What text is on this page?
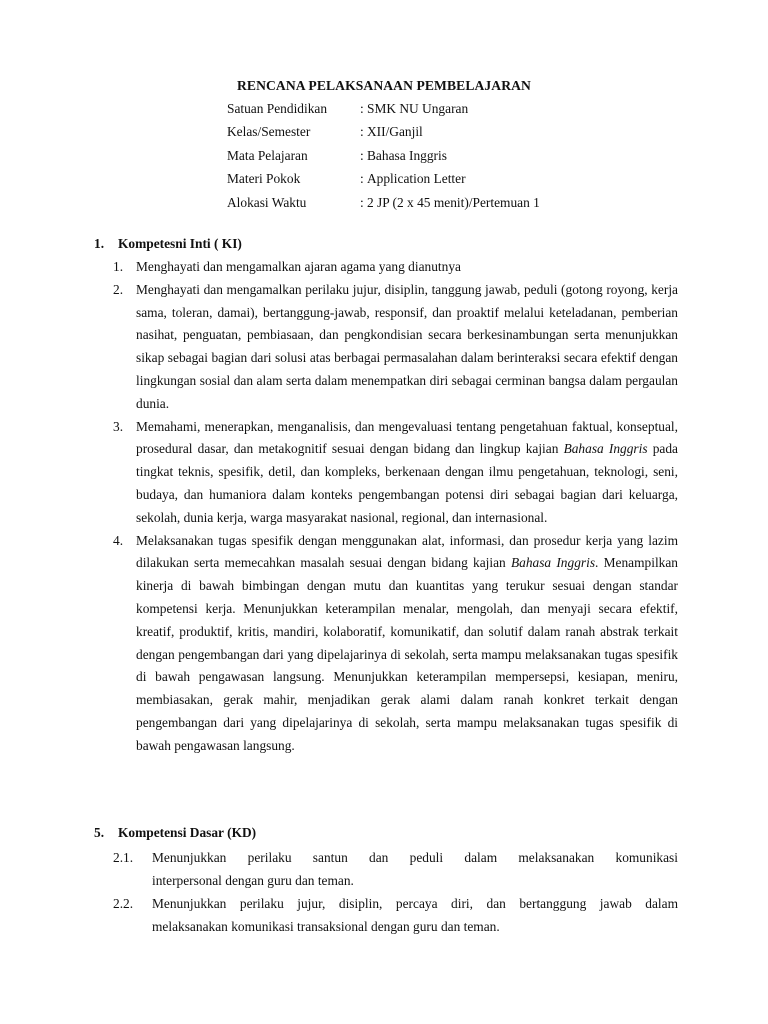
RENCANA PELAKSANAAN PEMBELAJARAN
Satuan Pendidikan : SMK NU Ungaran
Kelas/Semester	: XII/Ganjil
Mata Pelajaran	: Bahasa Inggris
Materi Pokok	: Application Letter
Alokasi Waktu	: 2 JP (2 x 45 menit)/Pertemuan 1
1. Kompetesni Inti ( KI)
1. Menghayati dan mengamalkan ajaran agama yang dianutnya
2. Menghayati dan mengamalkan perilaku jujur, disiplin, tanggung jawab, peduli (gotong royong, kerja sama, toleran, damai), bertanggung-jawab, responsif, dan proaktif melalui keteladanan, pemberian nasihat, penguatan, pembiasaan, dan pengkondisian secara berkesinambungan serta menunjukkan sikap sebagai bagian dari solusi atas berbagai permasalahan dalam berinteraksi secara efektif dengan lingkungan sosial dan alam serta dalam menempatkan diri sebagai cerminan bangsa dalam pergaulan dunia.
3. Memahami, menerapkan, menganalisis, dan mengevaluasi tentang pengetahuan faktual, konseptual, prosedural dasar, dan metakognitif sesuai dengan bidang dan lingkup kajian Bahasa Inggris pada tingkat teknis, spesifik, detil, dan kompleks, berkenaan dengan ilmu pengetahuan, teknologi, seni, budaya, dan humaniora dalam konteks pengembangan potensi diri sebagai bagian dari keluarga, sekolah, dunia kerja, warga masyarakat nasional, regional, dan internasional.
4. Melaksanakan tugas spesifik dengan menggunakan alat, informasi, dan prosedur kerja yang lazim dilakukan serta memecahkan masalah sesuai dengan bidang kajian Bahasa Inggris. Menampilkan kinerja di bawah bimbingan dengan mutu dan kuantitas yang terukur sesuai dengan standar kompetensi kerja. Menunjukkan keterampilan menalar, mengolah, dan menyaji secara efektif, kreatif, produktif, kritis, mandiri, kolaboratif, komunikatif, dan solutif dalam ranah abstrak terkait dengan pengembangan dari yang dipelajarinya di sekolah, serta mampu melaksanakan tugas spesifik di bawah pengawasan langsung. Menunjukkan keterampilan mempersepsi, kesiapan, meniru, membiasakan, gerak mahir, menjadikan gerak alami dalam ranah konkret terkait dengan pengembangan dari yang dipelajarinya di sekolah, serta mampu melaksanakan tugas spesifik di bawah pengawasan langsung.
5. Kompetensi Dasar (KD)
2.1.	Menunjukkan perilaku santun dan peduli dalam melaksanakan komunikasi
interpersonal dengan guru dan teman.
2.2.	Menunjukkan perilaku jujur, disiplin, percaya diri, dan bertanggung jawab dalam
melaksanakan komunikasi transaksional dengan guru dan teman.
